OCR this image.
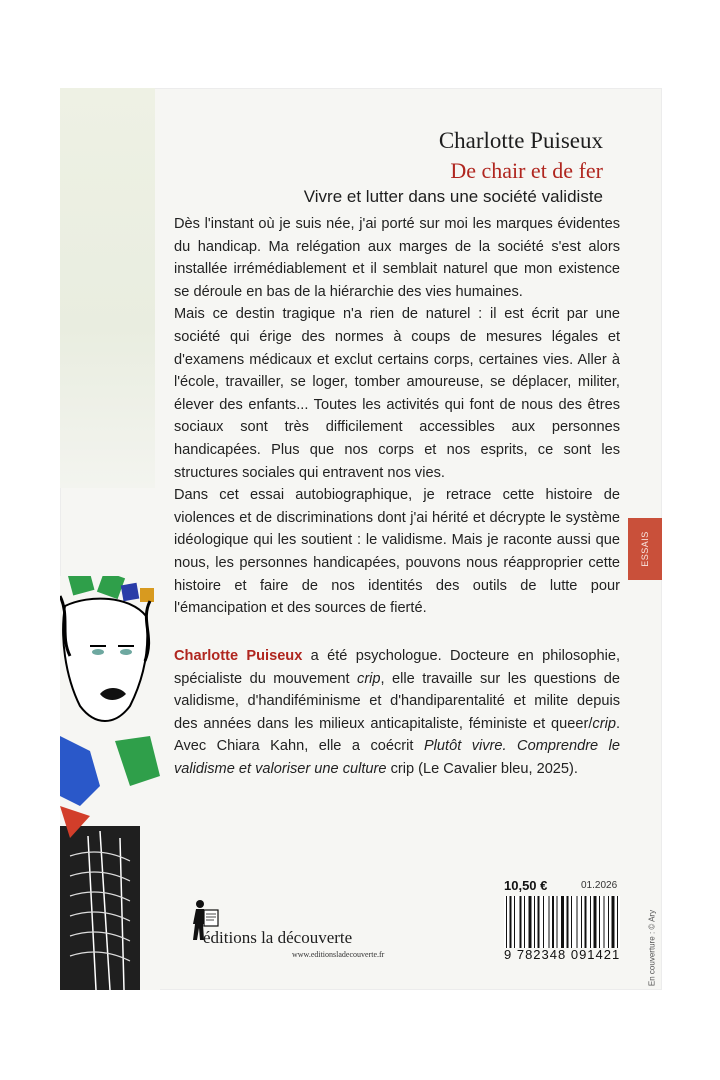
Charlotte Puiseux
De chair et de fer
Vivre et lutter dans une société validiste

Dès l'instant où je suis née, j'ai porté sur moi les marques évidentes du handicap. Ma relégation aux marges de la société s'est alors installée irrémédiablement et il semblait naturel que mon existence se déroule en bas de la hiérarchie des vies humaines.

Mais ce destin tragique n'a rien de naturel : il est écrit par une société qui érige des normes à coups de mesures légales et d'examens médicaux et exclut certains corps, certaines vies. Aller à l'école, travailler, se loger, tomber amoureuse, se déplacer, militer, élever des enfants... Toutes les activités qui font de nous des êtres sociaux sont très difficilement accessibles aux personnes handicapées. Plus que nos corps et nos esprits, ce sont les structures sociales qui entravent nos vies.

Dans cet essai autobiographique, je retrace cette histoire de violences et de discriminations dont j'ai hérité et décrypte le système idéologique qui les soutient : le validisme. Mais je raconte aussi que nous, les personnes handicapées, pouvons nous réapproprier cette histoire et faire de nos identités des outils de lutte pour l'émancipation et des sources de fierté.

Charlotte Puiseux a été psychologue. Docteure en philosophie, spécialiste du mouvement crip, elle travaille sur les questions de validisme, d'handiféminisme et d'handiparentalité et milite depuis des années dans les milieux anticapitaliste, féministe et queer/crip. Avec Chiara Kahn, elle a coécrit Plutôt vivre. Comprendre le validisme et valoriser une culture crip (Le Cavalier bleu, 2025).
ESSAIS
En couverture : © Ary
éditions la découverte
www.editionsladecouverte.fr
10,50 €	01.2026
9 782348 091421
